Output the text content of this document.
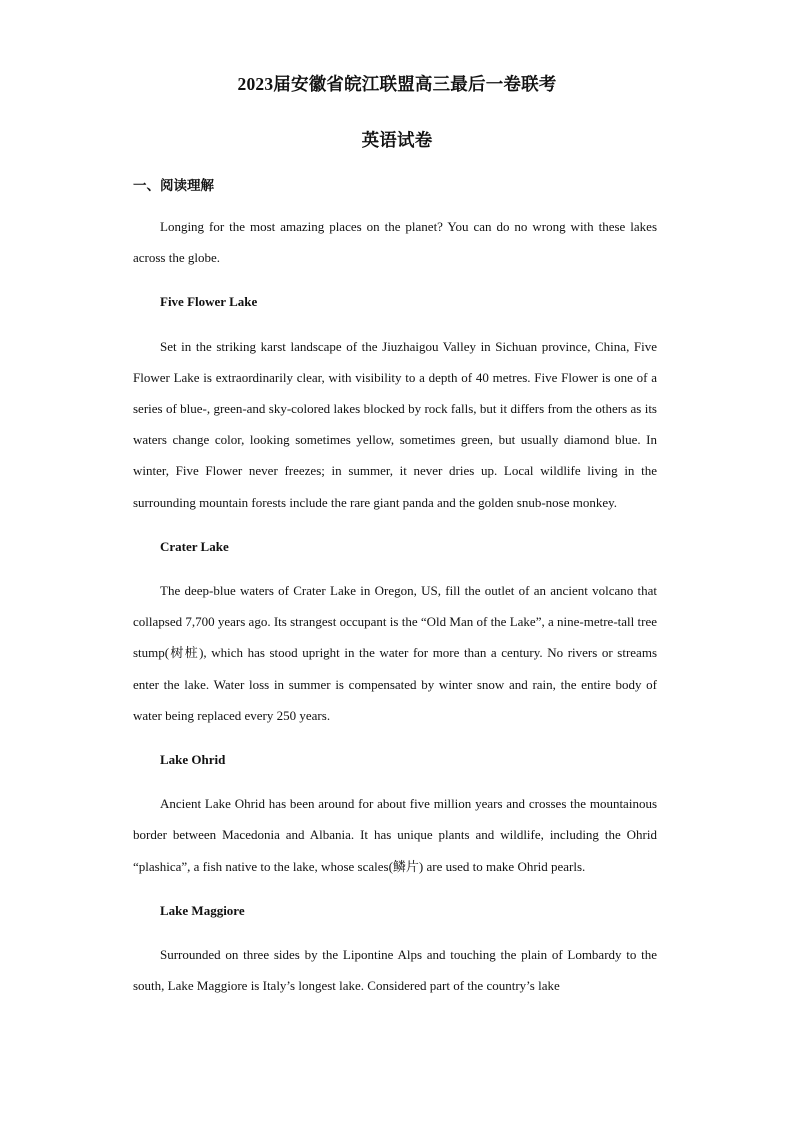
2023届安徽省皖江联盟高三最后一卷联考
英语试卷
一、阅读理解

Longing for the most amazing places on the planet? You can do no wrong with these lakes across the globe.

Five Flower Lake

Set in the striking karst landscape of the Jiuzhaigou Valley in Sichuan province, China, Five Flower Lake is extraordinarily clear, with visibility to a depth of 40 metres. Five Flower is one of a series of blue-, green-and sky-colored lakes blocked by rock falls, but it differs from the others as its waters change color, looking sometimes yellow, sometimes green, but usually diamond blue. In winter, Five Flower never freezes; in summer, it never dries up. Local wildlife living in the surrounding mountain forests include the rare giant panda and the golden snub-nose monkey.

Crater Lake

The deep-blue waters of Crater Lake in Oregon, US, fill the outlet of an ancient volcano that collapsed 7,700 years ago. Its strangest occupant is the “Old Man of the Lake”, a nine-metre-tall tree stump(树桩), which has stood upright in the water for more than a century. No rivers or streams enter the lake. Water loss in summer is compensated by winter snow and rain, the entire body of water being replaced every 250 years.

Lake Ohrid

Ancient Lake Ohrid has been around for about five million years and crosses the mountainous border between Macedonia and Albania. It has unique plants and wildlife, including the Ohrid “plashica”, a fish native to the lake, whose scales(鳞片) are used to make Ohrid pearls.

Lake Maggiore

Surrounded on three sides by the Lipontine Alps and touching the plain of Lombardy to the south, Lake Maggiore is Italy’s longest lake. Considered part of the country’s lake
